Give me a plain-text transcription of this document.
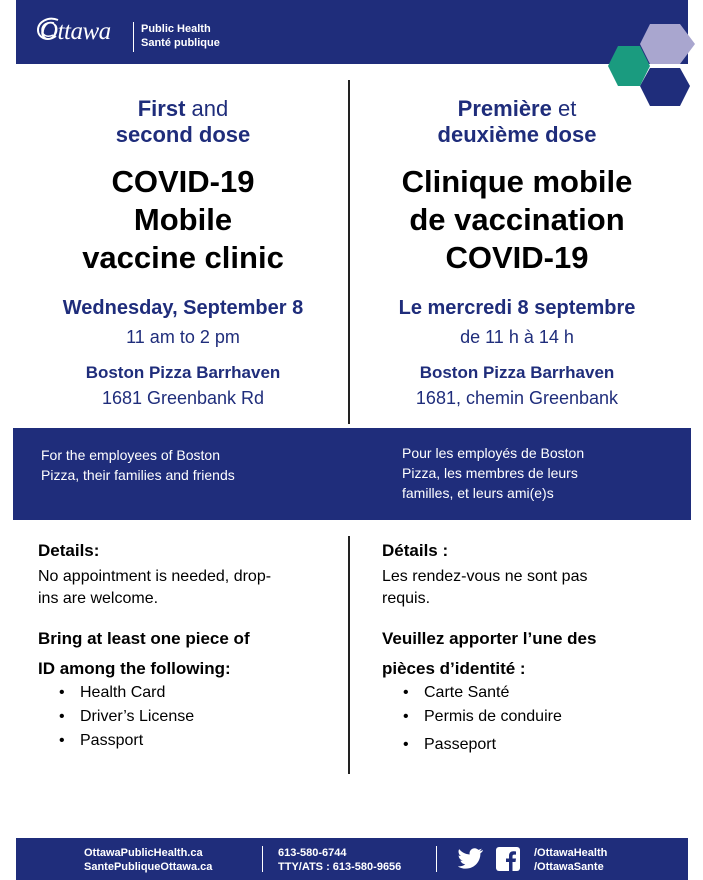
Ottawa	Public Health
Santé publique
First and
second dose
COVID-19
Mobile
vaccine clinic
Wednesday, September 8
11 am to 2 pm
Boston Pizza Barrhaven
1681 Greenbank Rd
Première et
deuxième dose
Clinique mobile
de vaccination
COVID-19
Le mercredi 8 septembre
de 11 h à 14 h
Boston Pizza Barrhaven
1681, chemin Greenbank
For the employees of Boston
Pizza, their families and friends
Pour les employés de Boston
Pizza, les membres de leurs
familles, et leurs ami(e)s
Details:
No appointment is needed, drop-
ins are welcome.
Bring at least one piece of
ID among the following:
• Health Card
• Driver’s License
• Passport
Détails :
Les rendez-vous ne sont pas
requis.
Veuillez apporter l’une des
pièces d’identité :
• Carte Santé
• Permis de conduire
• Passeport
OttawaPublicHealth.ca
SantePubliqueOttawa.ca
613-580-6744
TTY/ATS : 613-580-9656
/OttawaHealth
/OttawaSante
